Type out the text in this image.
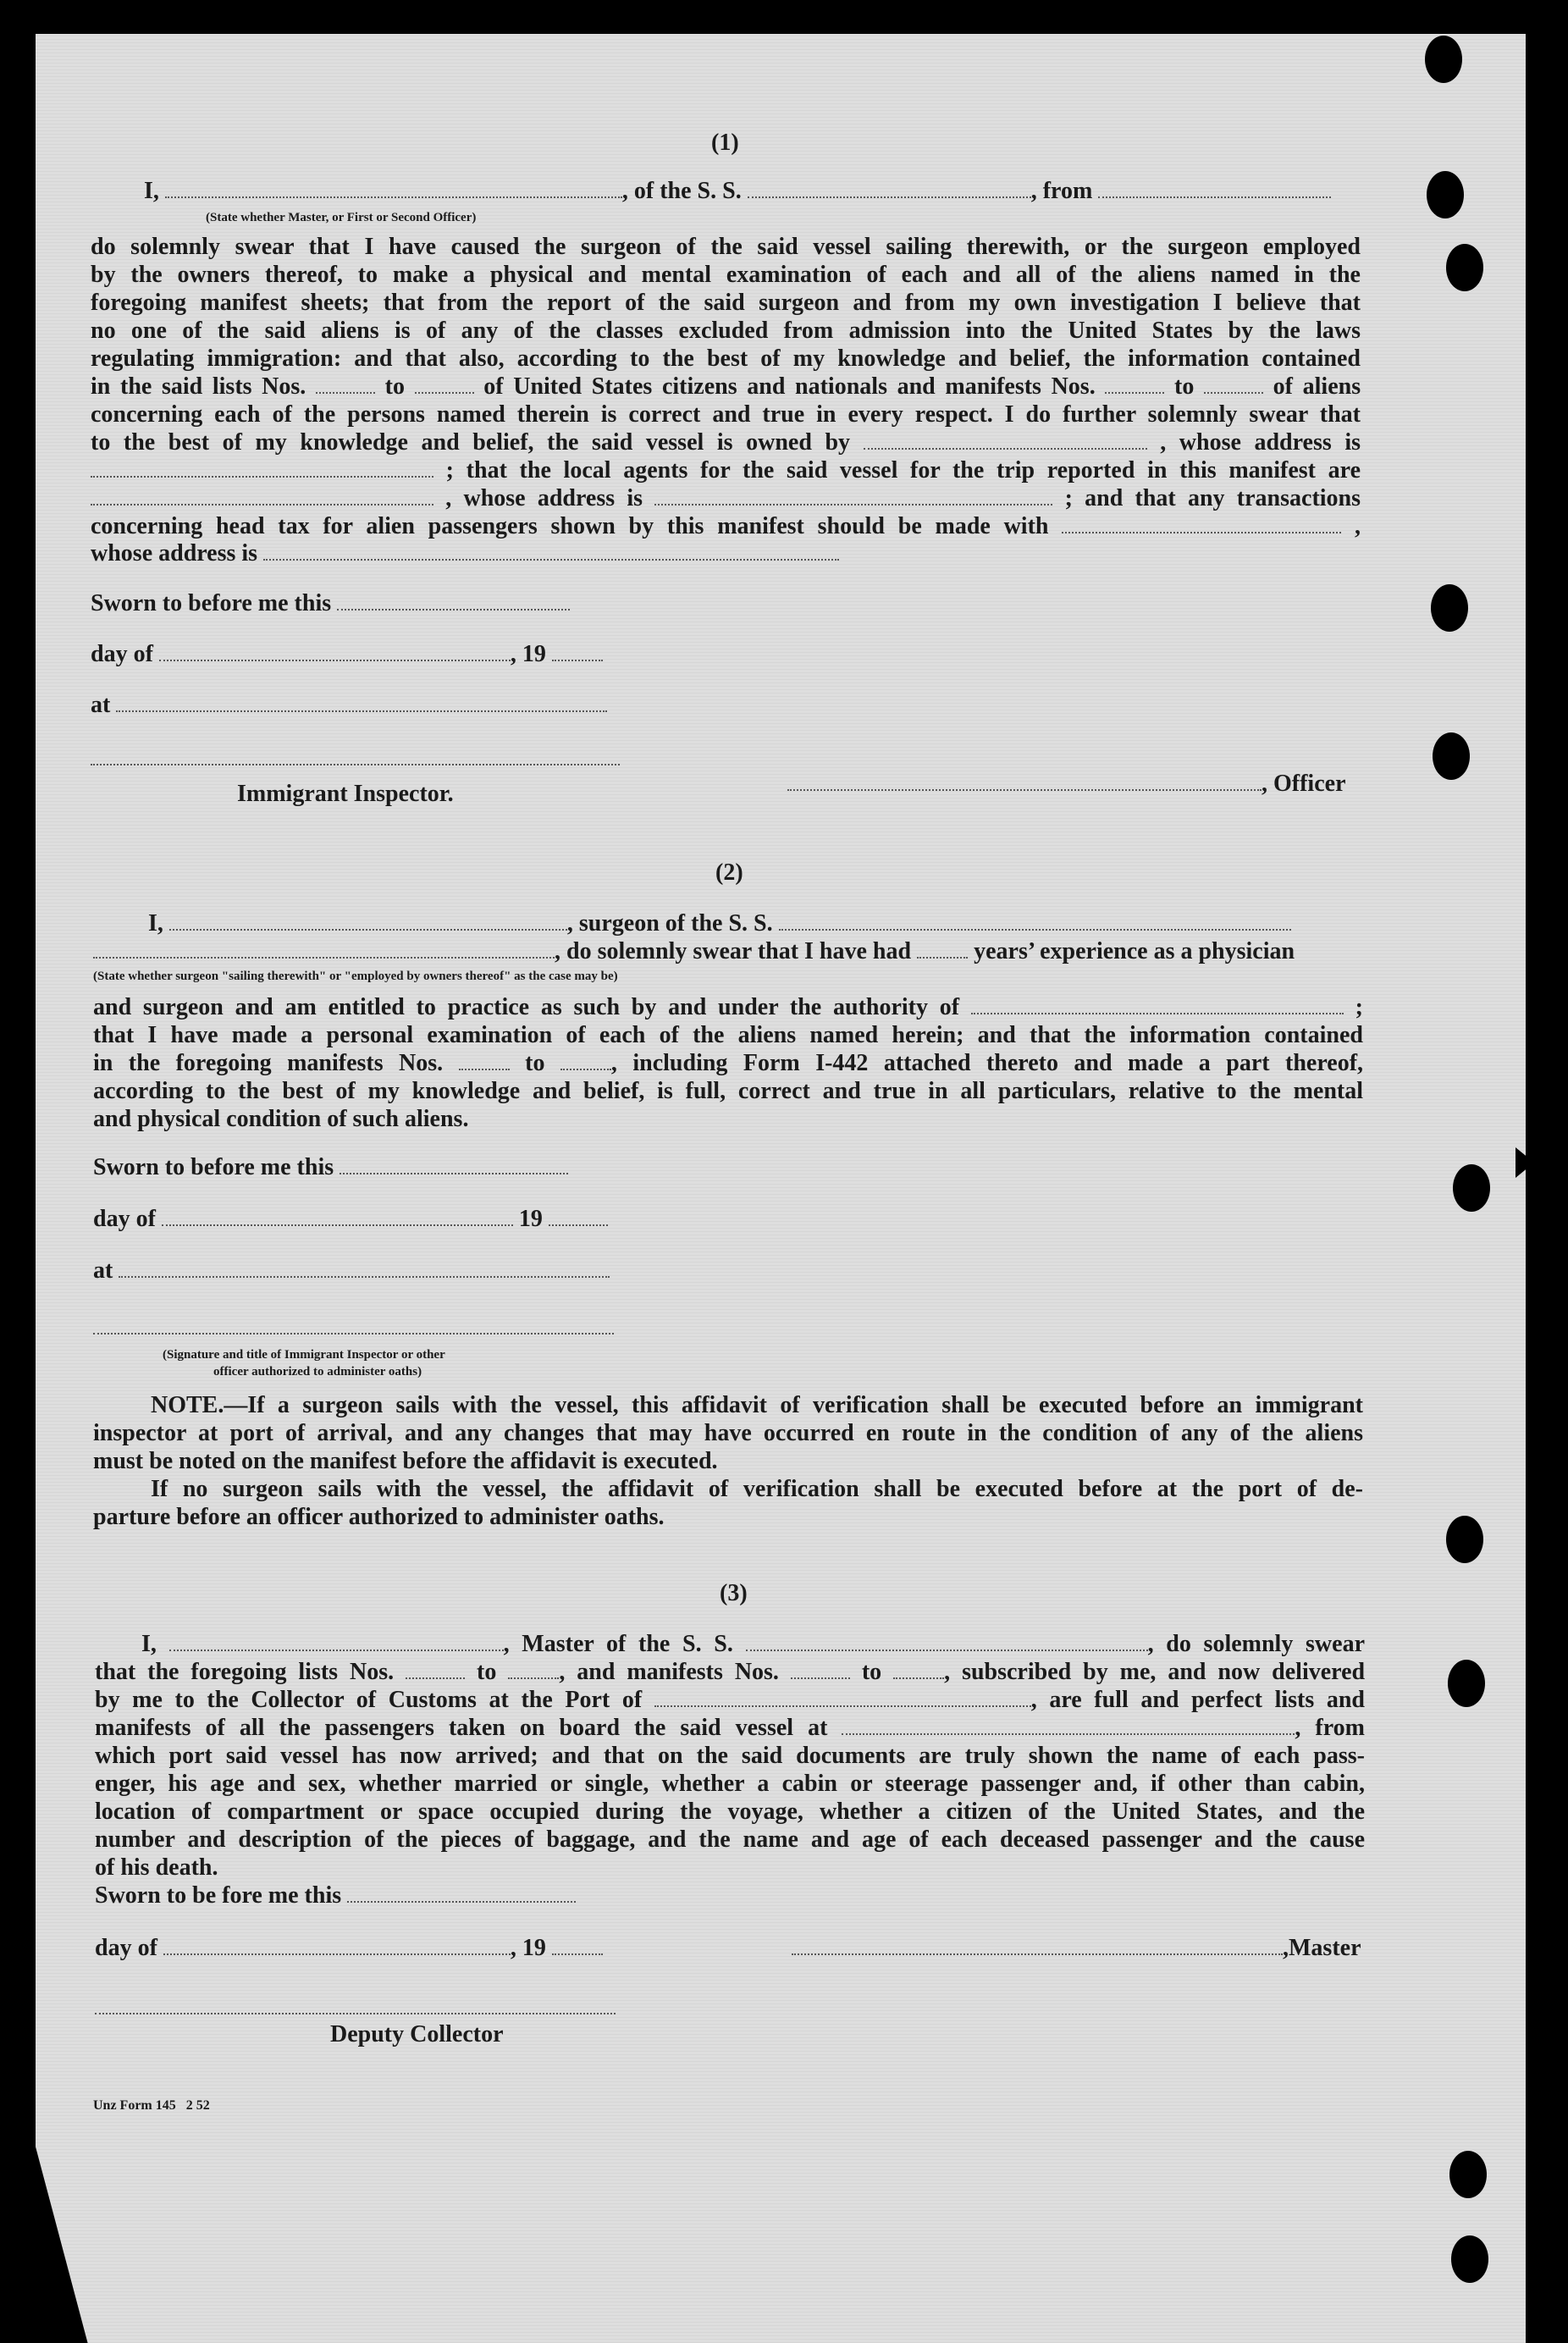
(1)
I,	, of the S. S.	, from
(State whether Master, or First or Second Officer)
do solemnly swear that I have caused the surgeon of the said vessel sailing therewith, or the surgeon employed
by the owners thereof, to make a physical and mental examination of each and all of the aliens named in the
foregoing manifest sheets; that from the report of the said surgeon and from my own investigation I believe that
no one of the said aliens is of any of the classes excluded from admission into the United States by the laws
regulating immigration: and that also, according to the best of my knowledge and belief, the information contained
in the said lists Nos.	to	of United States citizens and nationals and manifests Nos.	to	of aliens
concerning each of the persons named therein is correct and true in every respect. I do further solemnly swear that
to the best of my knowledge and belief, the said vessel is owned by	, whose address is
; that the local agents for the said vessel for the trip reported in this manifest are
, whose address is	; and that any transactions
concerning head tax for alien passengers shown by this manifest should be made with	,
whose address is
Sworn to before me this
day of	, 19
at
Immigrant Inspector.	, Officer
(2)
I,	, surgeon of the S. S.
, do solemnly swear that I have had	years’ experience as a physician
(State whether surgeon "sailing therewith" or "employed by owners thereof" as the case may be)
and surgeon and am entitled to practice as such by and under the authority of	;
that I have made a personal examination of each of the aliens named herein; and that the information contained
in the foregoing manifests Nos.	to	, including Form I-442 attached thereto and made a part thereof,
according to the best of my knowledge and belief, is full, correct and true in all particulars, relative to the mental
and physical condition of such aliens.
Sworn to before me this
day of	19
at
(Signature and title of Immigrant Inspector or other
officer authorized to administer oaths)
NOTE.—If a surgeon sails with the vessel, this affidavit of verification shall be executed before an immigrant
inspector at port of arrival, and any changes that may have occurred en route in the condition of any of the aliens
must be noted on the manifest before the affidavit is executed.
If no surgeon sails with the vessel, the affidavit of verification shall be executed before at the port of de-
parture before an officer authorized to administer oaths.
(3)
I,	, Master of the S. S.	, do solemnly swear
that the foregoing lists Nos.	to	, and manifests Nos.	to	, subscribed by me, and now delivered
by me to the Collector of Customs at the Port of	, are full and perfect lists and
manifests of all the passengers taken on board the said vessel at	, from
which port said vessel has now arrived; and that on the said documents are truly shown the name of each pass-
enger, his age and sex, whether married or single, whether a cabin or steerage passenger and, if other than cabin,
location of compartment or space occupied during the voyage, whether a citizen of the United States, and the
number and description of the pieces of baggage, and the name and age of each deceased passenger and the cause
of his death.
Sworn to be fore me this
day of	, 19	,Master
Deputy Collector
Unz Form 145   2 52
